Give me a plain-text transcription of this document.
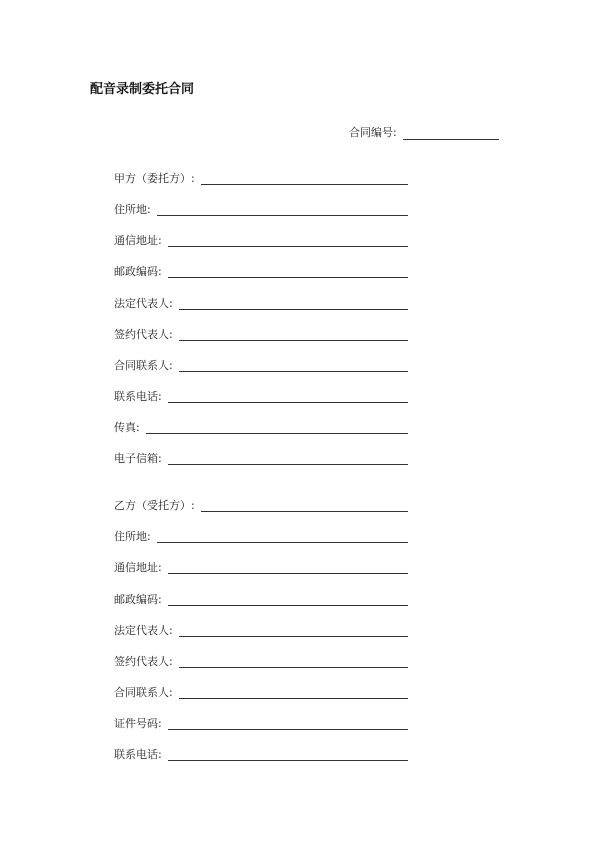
配音录制委托合同
合同编号:
甲方（委托方）:
住所地:
通信地址:
邮政编码:
法定代表人:
签约代表人:
合同联系人:
联系电话:
传真:
电子信箱:
乙方（受托方）:
住所地:
通信地址:
邮政编码:
法定代表人:
签约代表人:
合同联系人:
证件号码:
联系电话:
